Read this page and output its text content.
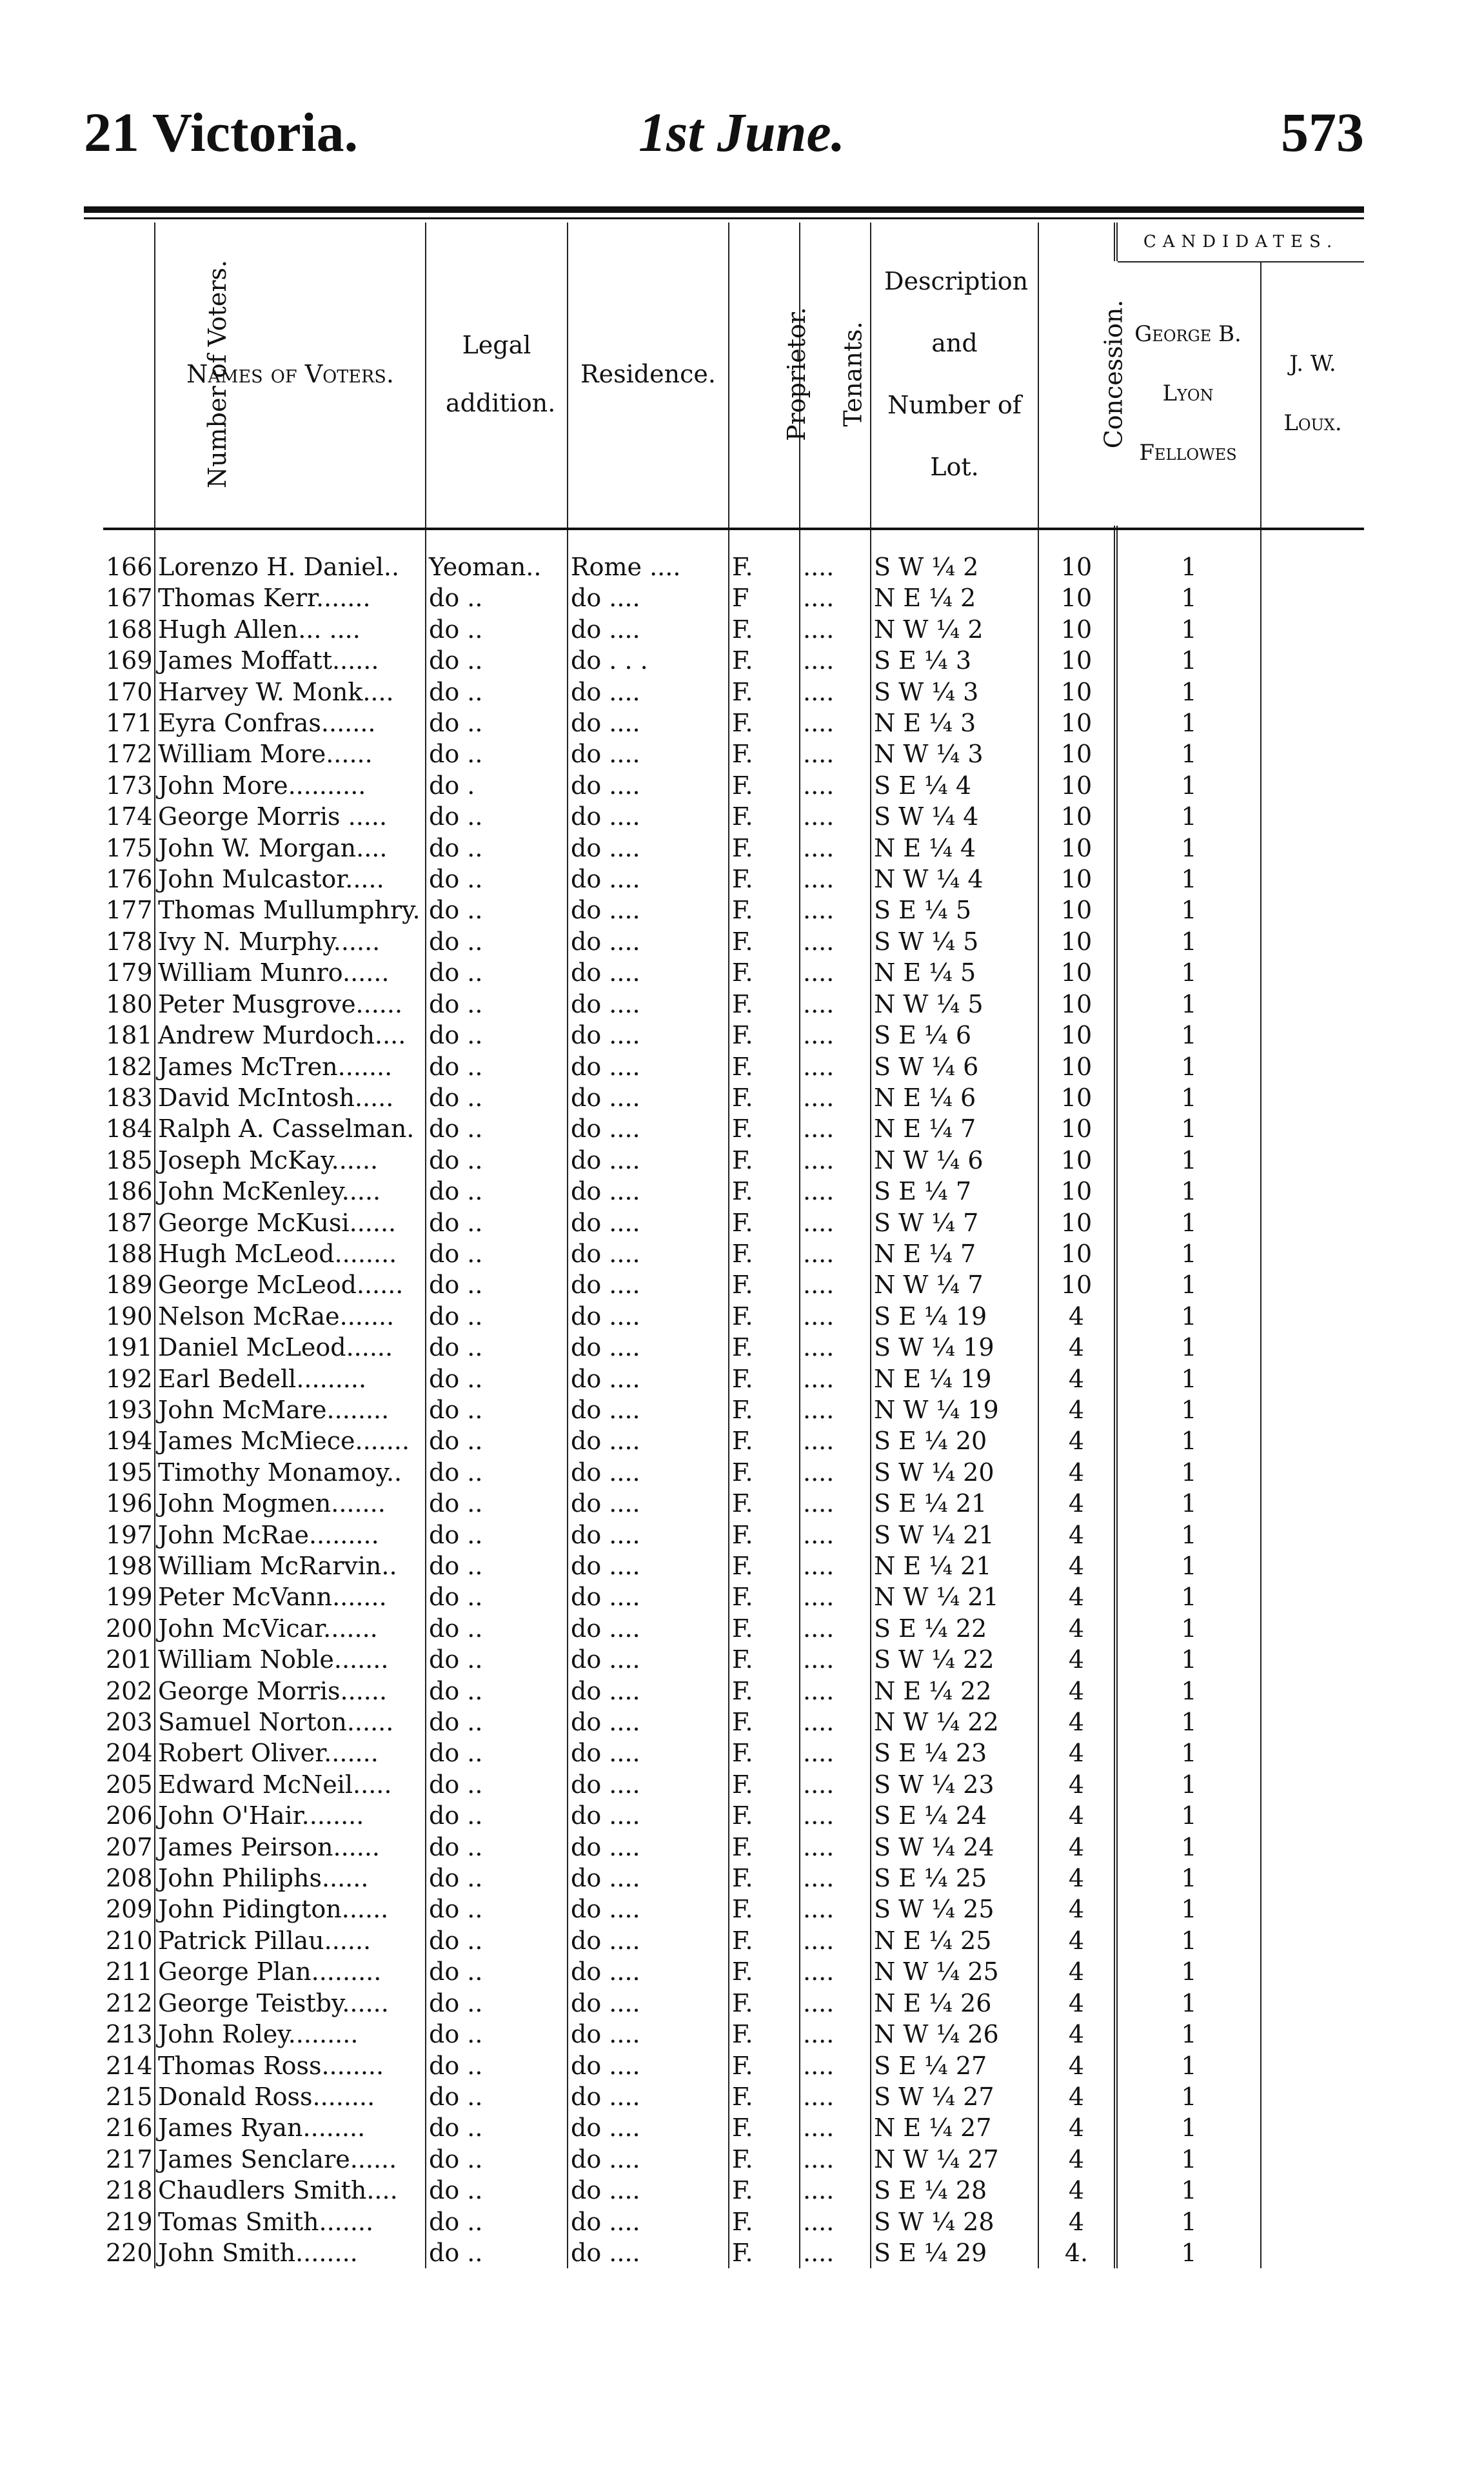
21 Victoria.	1st June.	573
Number of Voters.	Names of Voters.	Legal addition.	Residence.	Proprietor.	Tenants.	Description and Number of Lot.	Concession.	CANDIDATES.	
								George B. Lyon Fellowes	J. W. Loux.
166	Lorenzo H. Daniel..	Yeoman..	Rome ....	F.	....	S W ¼ 2	10	1	
167	Thomas Kerr.......	do ..	do ....	F	....	N E ¼ 2	10	1	
168	Hugh Allen... ....	do ..	do ....	F.	....	N W ¼ 2	10	1	
169	James Moffatt......	do ..	do . . .	F.	....	S E ¼ 3	10	1	
170	Harvey W. Monk....	do ..	do ....	F.	....	S W ¼ 3	10	1	
171	Eyra Confras.......	do ..	do ....	F.	....	N E ¼ 3	10	1	
172	William More......	do ..	do ....	F.	....	N W ¼ 3	10	1	
173	John More..........	do .	do ....	F.	....	S E ¼ 4	10	1	
174	George Morris .....	do ..	do ....	F.	....	S W ¼ 4	10	1	
175	John W. Morgan....	do ..	do ....	F.	....	N E ¼ 4	10	1	
176	John Mulcastor.....	do ..	do ....	F.	....	N W ¼ 4	10	1	
177	Thomas Mullumphry.	do ..	do ....	F.	....	S E ¼ 5	10	1	
178	Ivy N. Murphy......	do ..	do ....	F.	....	S W ¼ 5	10	1	
179	William Munro......	do ..	do ....	F.	....	N E ¼ 5	10	1	
180	Peter Musgrove......	do ..	do ....	F.	....	N W ¼ 5	10	1	
181	Andrew Murdoch....	do ..	do ....	F.	....	S E ¼ 6	10	1	
182	James McTren.......	do ..	do ....	F.	....	S W ¼ 6	10	1	
183	David McIntosh.....	do ..	do ....	F.	....	N E ¼ 6	10	1	
184	Ralph A. Casselman.	do ..	do ....	F.	....	N E ¼ 7	10	1	
185	Joseph McKay......	do ..	do ....	F.	....	N W ¼ 6	10	1	
186	John McKenley.....	do ..	do ....	F.	....	S E ¼ 7	10	1	
187	George McKusi......	do ..	do ....	F.	....	S W ¼ 7	10	1	
188	Hugh McLeod........	do ..	do ....	F.	....	N E ¼ 7	10	1	
189	George McLeod......	do ..	do ....	F.	....	N W ¼ 7	10	1	
190	Nelson McRae.......	do ..	do ....	F.	....	S E ¼ 19	4	1	
191	Daniel McLeod......	do ..	do ....	F.	....	S W ¼ 19	4	1	
192	Earl Bedell.........	do ..	do ....	F.	....	N E ¼ 19	4	1	
193	John McMare........	do ..	do ....	F.	....	N W ¼ 19	4	1	
194	James McMiece.......	do ..	do ....	F.	....	S E ¼ 20	4	1	
195	Timothy Monamoy..	do ..	do ....	F.	....	S W ¼ 20	4	1	
196	John Mogmen.......	do ..	do ....	F.	....	S E ¼ 21	4	1	
197	John McRae.........	do ..	do ....	F.	....	S W ¼ 21	4	1	
198	William McRarvin..	do ..	do ....	F.	....	N E ¼ 21	4	1	
199	Peter McVann.......	do ..	do ....	F.	....	N W ¼ 21	4	1	
200	John McVicar.......	do ..	do ....	F.	....	S E ¼ 22	4	1	
201	William Noble.......	do ..	do ....	F.	....	S W ¼ 22	4	1	
202	George Morris......	do ..	do ....	F.	....	N E ¼ 22	4	1	
203	Samuel Norton......	do ..	do ....	F.	....	N W ¼ 22	4	1	
204	Robert Oliver.......	do ..	do ....	F.	....	S E ¼ 23	4	1	
205	Edward McNeil.....	do ..	do ....	F.	....	S W ¼ 23	4	1	
206	John O'Hair........	do ..	do ....	F.	....	S E ¼ 24	4	1	
207	James Peirson......	do ..	do ....	F.	....	S W ¼ 24	4	1	
208	John Philiphs......	do ..	do ....	F.	....	S E ¼ 25	4	1	
209	John Pidington......	do ..	do ....	F.	....	S W ¼ 25	4	1	
210	Patrick Pillau......	do ..	do ....	F.	....	N E ¼ 25	4	1	
211	George Plan.........	do ..	do ....	F.	....	N W ¼ 25	4	1	
212	George Teistby......	do ..	do ....	F.	....	N E ¼ 26	4	1	
213	John Roley.........	do ..	do ....	F.	....	N W ¼ 26	4	1	
214	Thomas Ross........	do ..	do ....	F.	....	S E ¼ 27	4	1	
215	Donald Ross........	do ..	do ....	F.	....	S W ¼ 27	4	1	
216	James Ryan........	do ..	do ....	F.	....	N E ¼ 27	4	1	
217	James Senclare......	do ..	do ....	F.	....	N W ¼ 27	4	1	
218	Chaudlers Smith....	do ..	do ....	F.	....	S E ¼ 28	4	1	
219	Tomas Smith.......	do ..	do ....	F.	....	S W ¼ 28	4	1	
220	John Smith........	do ..	do ....	F.	....	S E ¼ 29	4.	1	
